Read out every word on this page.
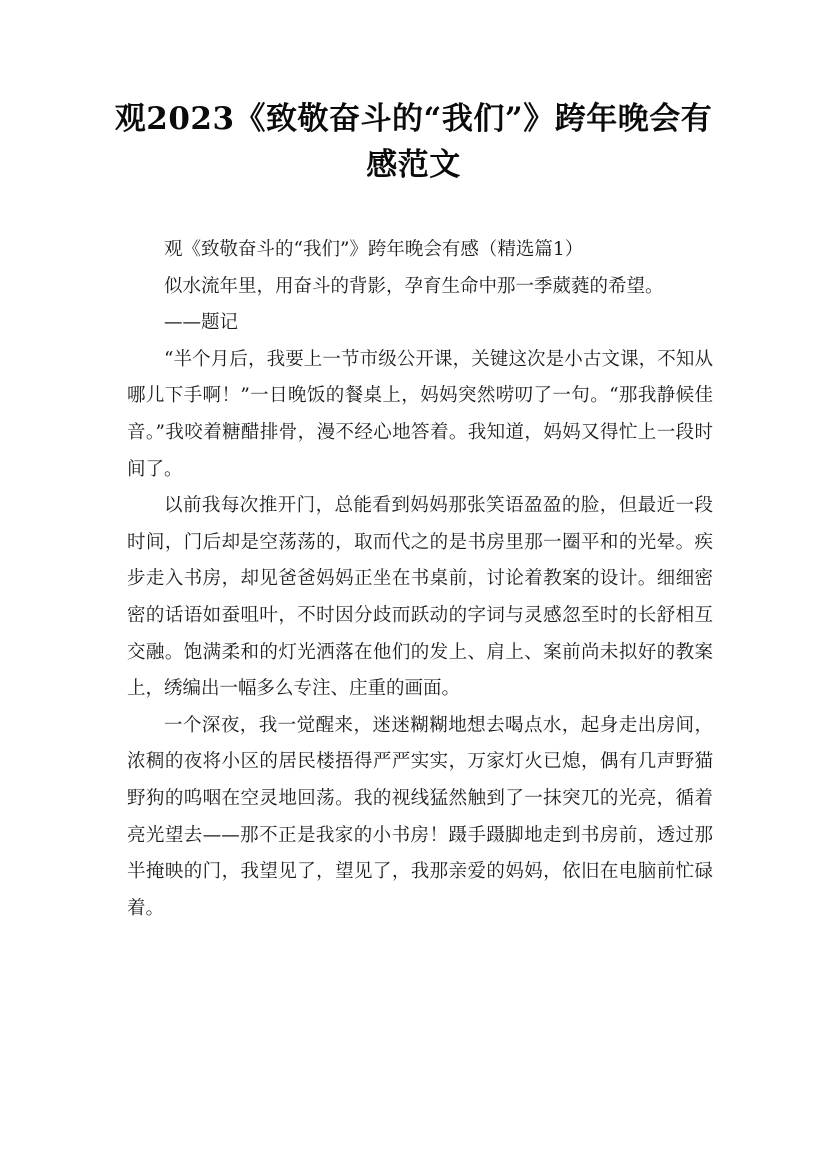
观2023《致敬奋斗的“我们”》跨年晚会有感范文

观《致敬奋斗的“我们”》跨年晚会有感（精选篇1）

似水流年里，用奋斗的背影，孕育生命中那一季葳蕤的希望。

——题记

“半个月后，我要上一节市级公开课，关键这次是小古文课，不知从哪儿下手啊！”一日晚饭的餐桌上，妈妈突然唠叨了一句。“那我静候佳音。”我咬着糖醋排骨，漫不经心地答着。我知道，妈妈又得忙上一段时间了。

以前我每次推开门，总能看到妈妈那张笑语盈盈的脸，但最近一段时间，门后却是空荡荡的，取而代之的是书房里那一圈平和的光晕。疾步走入书房，却见爸爸妈妈正坐在书桌前，讨论着教案的设计。细细密密的话语如蚕咀叶，不时因分歧而跃动的字词与灵感忽至时的长舒相互交融。饱满柔和的灯光洒落在他们的发上、肩上、案前尚未拟好的教案上，绣编出一幅多么专注、庄重的画面。

一个深夜，我一觉醒来，迷迷糊糊地想去喝点水，起身走出房间，浓稠的夜将小区的居民楼捂得严严实实，万家灯火已熄，偶有几声野猫野狗的呜咽在空灵地回荡。我的视线猛然触到了一抹突兀的光亮，循着亮光望去——那不正是我家的小书房！蹑手蹑脚地走到书房前，透过那半掩映的门，我望见了，望见了，我那亲爱的妈妈，依旧在电脑前忙碌着。
